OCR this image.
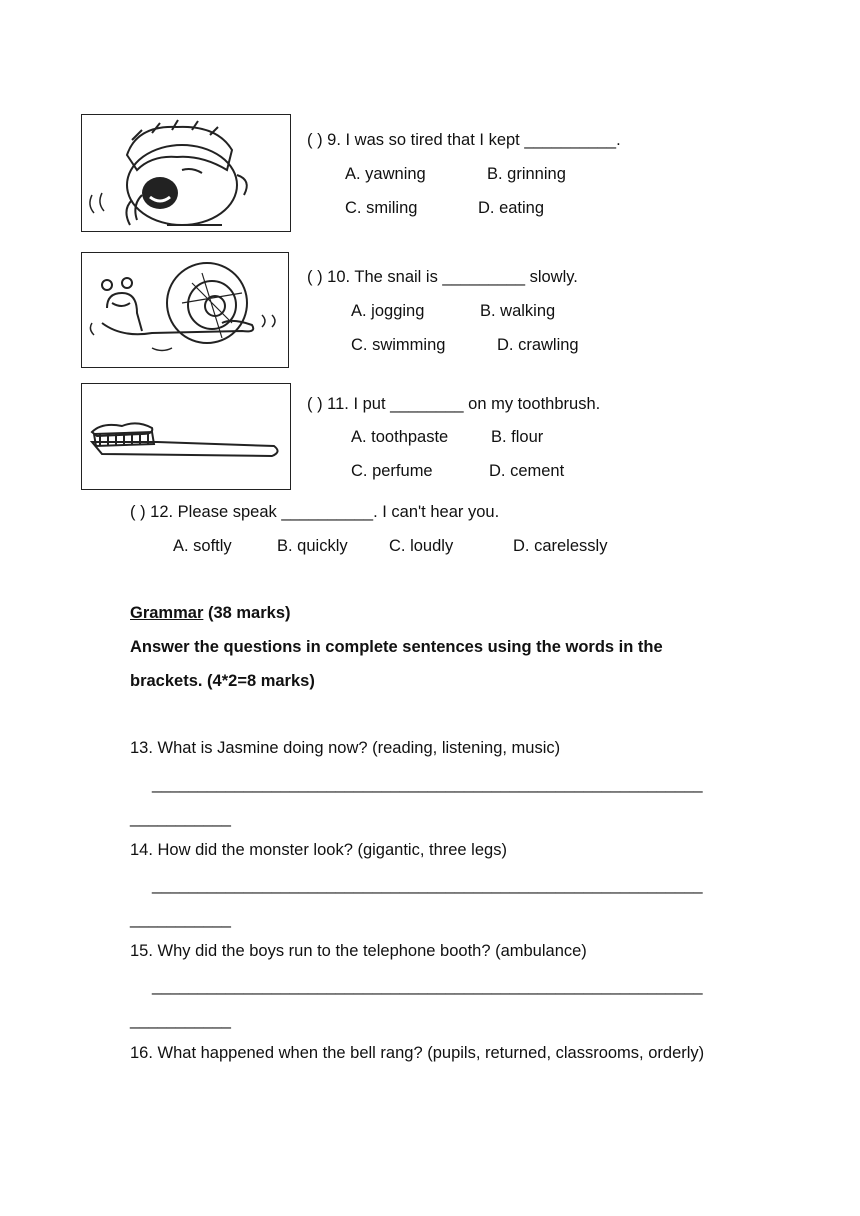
( ) 9. I was so tired that I kept __________.
A. yawning	B. grinning
C. smiling	D. eating
( ) 10. The snail is _________ slowly.
A. jogging	B. walking
C. swimming	D. crawling
( ) 11. I put ________ on my toothbrush.
A. toothpaste	B. flour
C. perfume	D. cement
( ) 12. Please speak __________. I can't hear you.
A. softly	B. quickly	C. loudly	D. carelessly
Grammar (38 marks)
Answer the questions in complete sentences using the words in the
brackets. (4*2=8 marks)
13. What is Jasmine doing now? (reading, listening, music)
____________________________________________________________
___________
14. How did the monster look? (gigantic, three legs)
____________________________________________________________
___________
15. Why did the boys run to the telephone booth? (ambulance)
____________________________________________________________
___________
16. What happened when the bell rang? (pupils, returned, classrooms, orderly)
